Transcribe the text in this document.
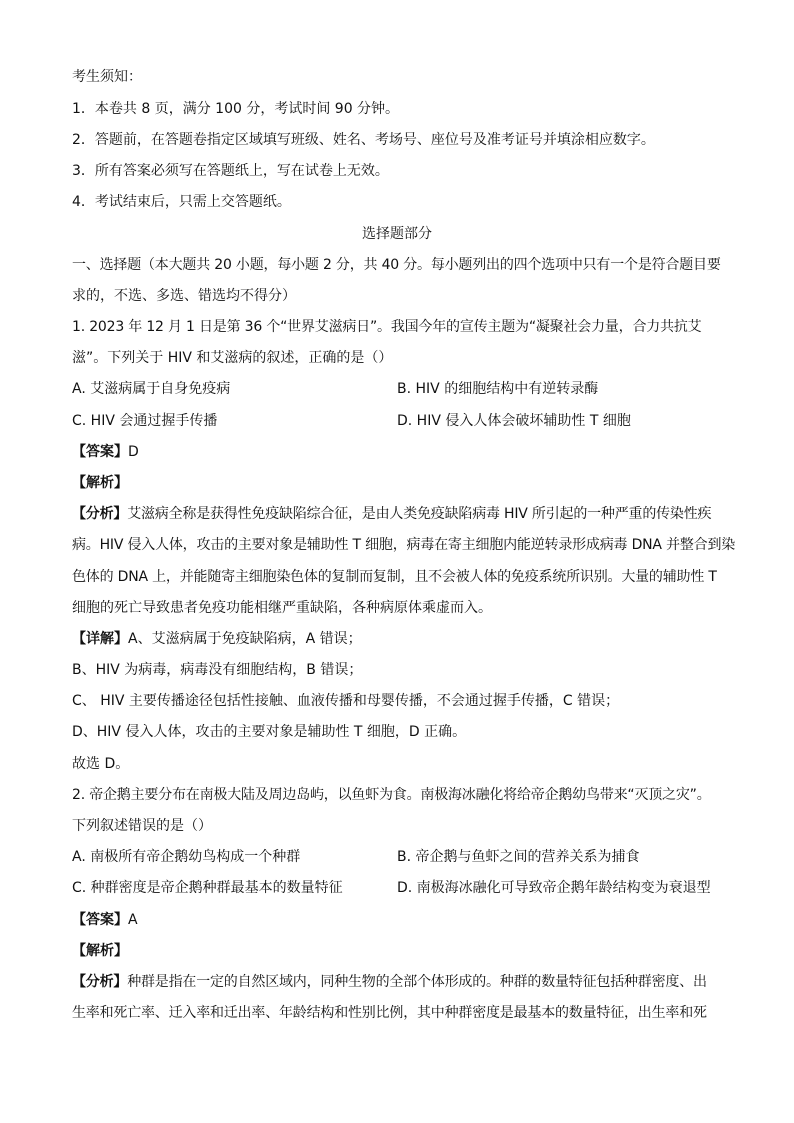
考生须知：
1．本卷共 8 页，满分 100 分，考试时间 90 分钟。
2．答题前，在答题卷指定区域填写班级、姓名、考场号、座位号及准考证号并填涂相应数字。
3．所有答案必须写在答题纸上，写在试卷上无效。
4．考试结束后，只需上交答题纸。
选择题部分
一、选择题（本大题共 20 小题，每小题 2 分，共 40 分。每小题列出的四个选项中只有一个是符合题目要
求的，不选、多选、错选均不得分）
1. 2023 年 12 月 1 日是第 36 个“世界艾滋病日”。我国今年的宣传主题为“凝聚社会力量，合力共抗艾
滋”。下列关于 HIV 和艾滋病的叙述，正确的是（）
A. 艾滋病属于自身免疫病	B. HIV 的细胞结构中有逆转录酶
C. HIV 会通过握手传播	D. HIV 侵入人体会破坏辅助性 T 细胞
【答案】D
【解析】
【分析】艾滋病全称是获得性免疫缺陷综合征，是由人类免疫缺陷病毒 HIV 所引起的一种严重的传染性疾
病。HIV 侵入人体，攻击的主要对象是辅助性 T 细胞，病毒在寄主细胞内能逆转录形成病毒 DNA 并整合到染
色体的 DNA 上，并能随寄主细胞染色体的复制而复制，且不会被人体的免疫系统所识别。大量的辅助性 T
细胞的死亡导致患者免疫功能相继严重缺陷，各种病原体乘虚而入。
【详解】A、艾滋病属于免疫缺陷病，A 错误；
B、HIV 为病毒，病毒没有细胞结构，B 错误；
C、 HIV 主要传播途径包括性接触、血液传播和母婴传播，不会通过握手传播，C 错误；
D、HIV 侵入人体，攻击的主要对象是辅助性 T 细胞，D 正确。
故选 D。
2. 帝企鹅主要分布在南极大陆及周边岛屿，以鱼虾为食。南极海冰融化将给帝企鹅幼鸟带来“灭顶之灾”。
下列叙述错误的是（）
A. 南极所有帝企鹅幼鸟构成一个种群	B. 帝企鹅与鱼虾之间的营养关系为捕食
C. 种群密度是帝企鹅种群最基本的数量特征	D. 南极海冰融化可导致帝企鹅年龄结构变为衰退型
【答案】A
【解析】
【分析】种群是指在一定的自然区域内，同种生物的全部个体形成的。种群的数量特征包括种群密度、出
生率和死亡率、迁入率和迁出率、年龄结构和性别比例，其中种群密度是最基本的数量特征，出生率和死
